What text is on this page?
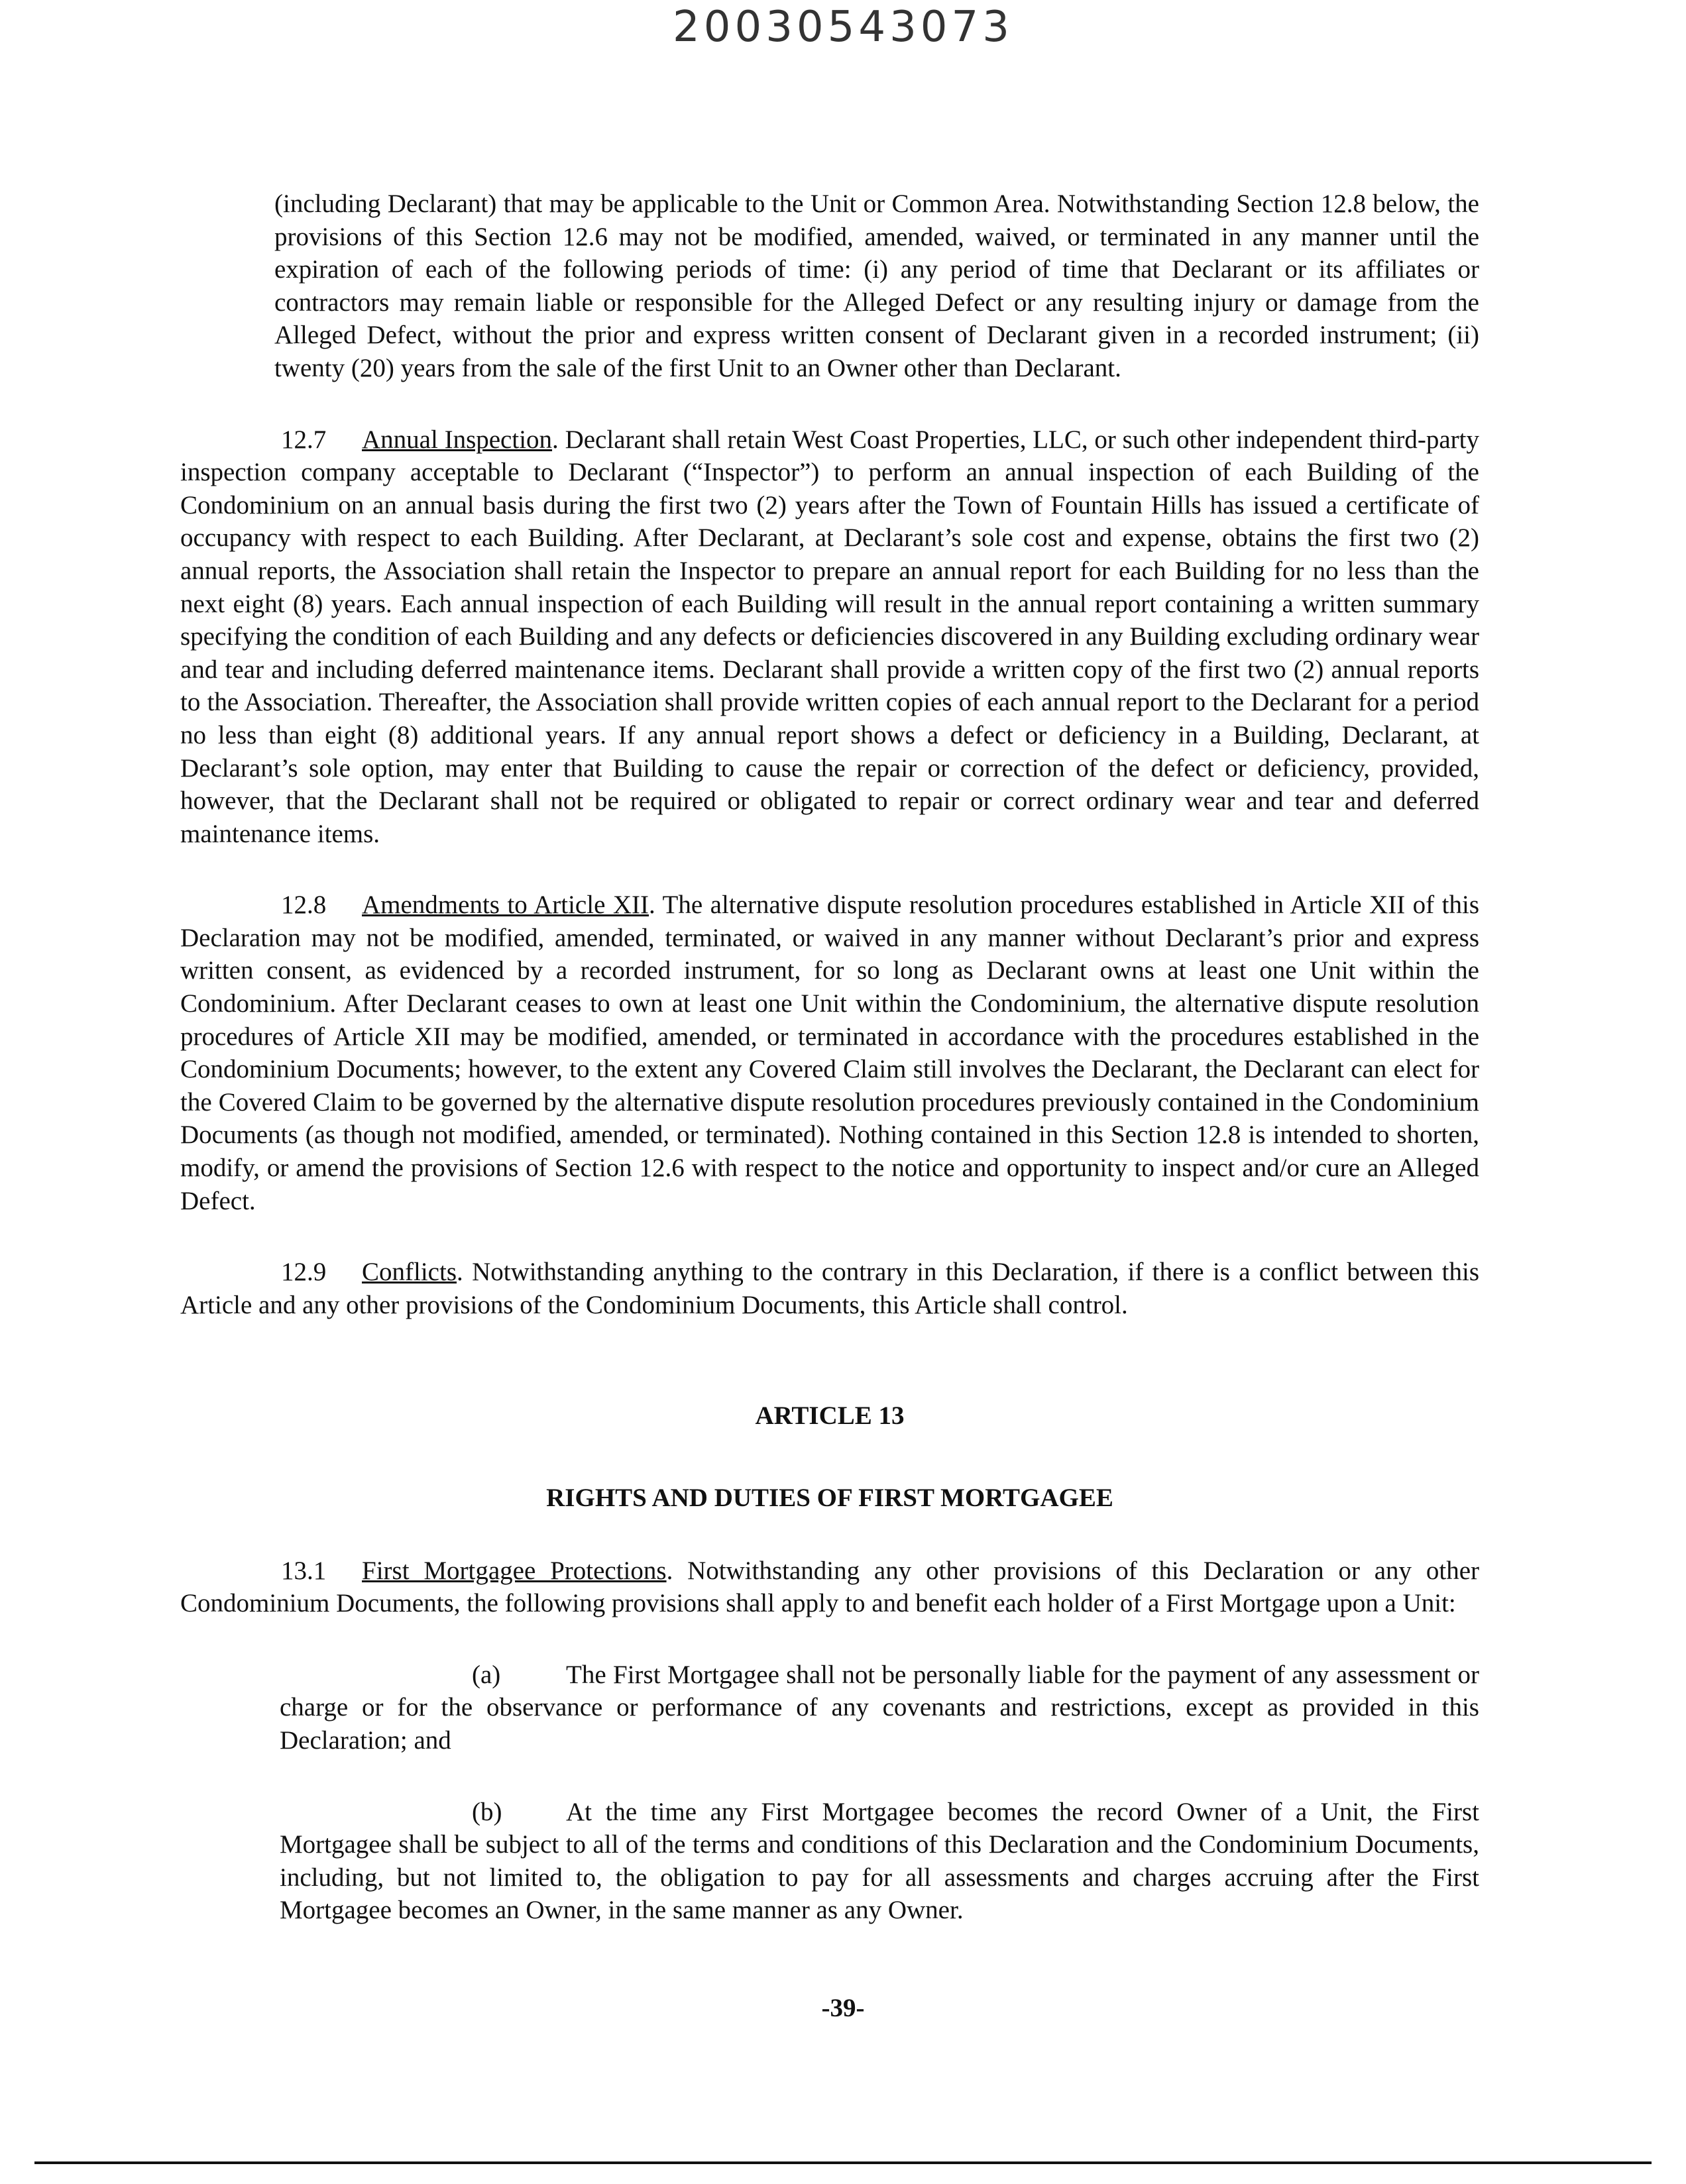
20030543073

(including Declarant) that may be applicable to the Unit or Common Area. Notwithstanding Section 12.8 below, the provisions of this Section 12.6 may not be modified, amended, waived, or terminated in any manner until the expiration of each of the following periods of time: (i) any period of time that Declarant or its affiliates or contractors may remain liable or responsible for the Alleged Defect or any resulting injury or damage from the Alleged Defect, without the prior and express written consent of Declarant given in a recorded instrument; (ii) twenty (20) years from the sale of the first Unit to an Owner other than Declarant.

12.7 Annual Inspection. Declarant shall retain West Coast Properties, LLC, or such other independent third-party inspection company acceptable to Declarant (“Inspector”) to perform an annual inspection of each Building of the Condominium on an annual basis during the first two (2) years after the Town of Fountain Hills has issued a certificate of occupancy with respect to each Building. After Declarant, at Declarant’s sole cost and expense, obtains the first two (2) annual reports, the Association shall retain the Inspector to prepare an annual report for each Building for no less than the next eight (8) years. Each annual inspection of each Building will result in the annual report containing a written summary specifying the condition of each Building and any defects or deficiencies discovered in any Building excluding ordinary wear and tear and including deferred maintenance items. Declarant shall provide a written copy of the first two (2) annual reports to the Association. Thereafter, the Association shall provide written copies of each annual report to the Declarant for a period no less than eight (8) additional years. If any annual report shows a defect or deficiency in a Building, Declarant, at Declarant’s sole option, may enter that Building to cause the repair or correction of the defect or deficiency, provided, however, that the Declarant shall not be required or obligated to repair or correct ordinary wear and tear and deferred maintenance items.

12.8 Amendments to Article XII. The alternative dispute resolution procedures established in Article XII of this Declaration may not be modified, amended, terminated, or waived in any manner without Declarant’s prior and express written consent, as evidenced by a recorded instrument, for so long as Declarant owns at least one Unit within the Condominium. After Declarant ceases to own at least one Unit within the Condominium, the alternative dispute resolution procedures of Article XII may be modified, amended, or terminated in accordance with the procedures established in the Condominium Documents; however, to the extent any Covered Claim still involves the Declarant, the Declarant can elect for the Covered Claim to be governed by the alternative dispute resolution procedures previously contained in the Condominium Documents (as though not modified, amended, or terminated). Nothing contained in this Section 12.8 is intended to shorten, modify, or amend the provisions of Section 12.6 with respect to the notice and opportunity to inspect and/or cure an Alleged Defect.

12.9 Conflicts. Notwithstanding anything to the contrary in this Declaration, if there is a conflict between this Article and any other provisions of the Condominium Documents, this Article shall control.

ARTICLE 13

RIGHTS AND DUTIES OF FIRST MORTGAGEE

13.1 First Mortgagee Protections. Notwithstanding any other provisions of this Declaration or any other Condominium Documents, the following provisions shall apply to and benefit each holder of a First Mortgage upon a Unit:

(a)	The First Mortgagee shall not be personally liable for the payment of any assessment or charge or for the observance or performance of any covenants and restrictions, except as provided in this Declaration; and

(b) At the time any First Mortgagee becomes the record Owner of a Unit, the First Mortgagee shall be subject to all of the terms and conditions of this Declaration and the Condominium Documents, including, but not limited to, the obligation to pay for all assessments and charges accruing after the First Mortgagee becomes an Owner, in the same manner as any Owner.

-39-
